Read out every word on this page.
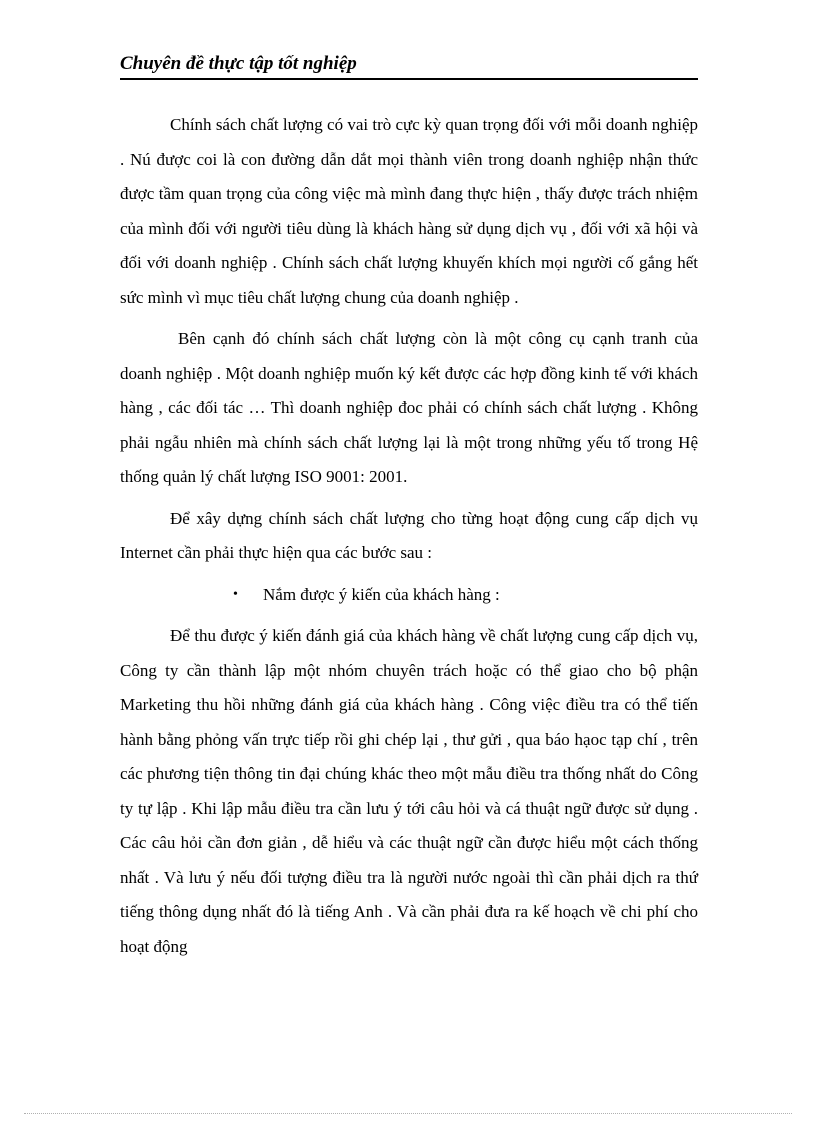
Chuyên đề thực tập tốt nghiệp

Chính sách chất lượng có vai trò cực kỳ quan trọng đối với mỗi doanh nghiệp . Nú được coi là con đường dẫn dắt mọi thành viên trong doanh nghiệp nhận thức được tầm quan trọng của công việc mà mình đang thực hiện , thấy được trách nhiệm của mình đối với người tiêu dùng là khách hàng sử dụng dịch vụ , đối với xã hội và đối với doanh nghiệp . Chính sách chất lượng khuyến khích mọi người cố gắng hết sức mình vì mục tiêu chất lượng chung của doanh nghiệp .

Bên cạnh đó chính sách chất lượng còn là một công cụ cạnh tranh của doanh nghiệp . Một doanh nghiệp muốn ký kết được các hợp đồng kinh tế với khách hàng , các đối tác … Thì doanh nghiệp đoc phải có chính sách chất lượng . Không phải ngẫu nhiên mà chính sách chất lượng lại là một trong những yếu tố trong Hệ thống quản lý chất lượng ISO 9001: 2001.

Để xây dựng chính sách chất lượng cho từng hoạt động cung cấp dịch vụ Internet cần phải thực hiện qua các bước sau :

• Nắm được ý kiến của khách hàng :

Để thu được ý kiến đánh giá của khách hàng về chất lượng cung cấp dịch vụ, Công ty cần thành lập một nhóm chuyên trách hoặc có thể giao cho bộ phận Marketing thu hồi những đánh giá của khách hàng . Công việc điều tra có thể tiến hành bằng phỏng vấn trực tiếp rồi ghi chép lại , thư gửi , qua báo hạoc tạp chí , trên các phương tiện thông tin đại chúng khác theo một mẫu điều tra thống nhất do Công ty tự lập . Khi lập mẫu điều tra cần lưu ý tới câu hỏi và cá thuật ngữ được sử dụng . Các câu hỏi cần đơn giản , dễ hiểu và các thuật ngữ cần được hiểu một cách thống nhất . Và lưu ý nếu đối tượng điều tra là người nước ngoài thì cần phải dịch ra thứ tiếng thông dụng nhất đó là tiếng Anh . Và cần phải đưa ra kế hoạch về chi phí cho hoạt động
